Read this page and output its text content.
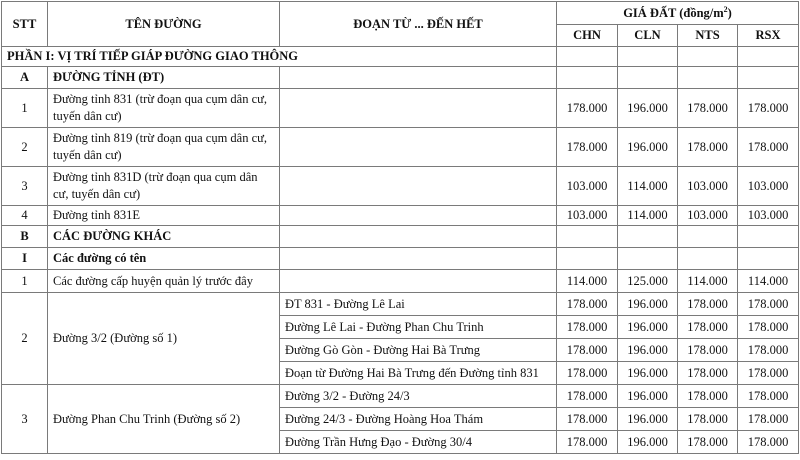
STT	TÊN ĐƯỜNG	ĐOẠN TỪ ... ĐẾN HẾT	GIÁ ĐẤT $(đồng/m^2)$			
			CHN	CLN	NTS	RSX
PHẦN I: VỊ TRÍ TIẾP GIÁP ĐƯỜNG GIAO THÔNG						
A	ĐƯỜNG TỈNH (ĐT)					
1	Đường tỉnh 831 (trừ đoạn qua cụm dân cư, tuyến dân cư)		178.000	196.000	178.000	178.000
2	Đường tỉnh 819 (trừ đoạn qua cụm dân cư, tuyến dân cư)		178.000	196.000	178.000	178.000
3	Đường tỉnh 831D (trừ đoạn qua cụm dân cư, tuyến dân cư)		103.000	114.000	103.000	103.000
4	Đường tỉnh 831E		103.000	114.000	103.000	103.000
B	CÁC ĐƯỜNG KHÁC					
I	Các đường có tên					
1	Các đường cấp huyện quản lý trước đây		114.000	125.000	114.000	114.000
2	Đường 3/2 (Đường số 1)	ĐT 831 - Đường Lê Lai	178.000	196.000	178.000	178.000
		Đường Lê Lai - Đường Phan Chu Trinh	178.000	196.000	178.000	178.000
		Đường Gò Gòn - Đường Hai Bà Trưng	178.000	196.000	178.000	178.000
		Đoạn từ Đường Hai Bà Trưng đến Đường tỉnh 831	178.000	196.000	178.000	178.000
3	Đường Phan Chu Trinh (Đường số 2)	Đường 3/2 - Đường 24/3	178.000	196.000	178.000	178.000
		Đường 24/3 - Đường Hoàng Hoa Thám	178.000	196.000	178.000	178.000
		Đường Trần Hưng Đạo - Đường 30/4	178.000	196.000	178.000	178.000
